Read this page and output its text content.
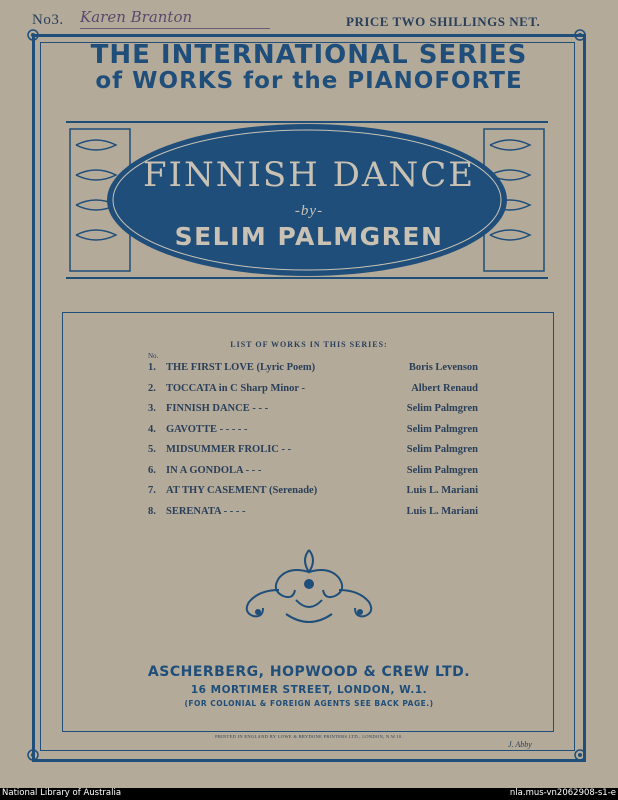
No3. Karen Branton	PRICE TWO SHILLINGS NET.
THE INTERNATIONAL SERIES
of WORKS for the PIANOFORTE
FINNISH DANCE
-by-
SELIM PALMGREN
LIST OF WORKS IN THIS SERIES:
No.
1. THE FIRST LOVE (Lyric Poem)	Boris Levenson
2. TOCCATA in C Sharp Minor -	Albert Renaud
3. FINNISH DANCE - - -	Selim Palmgren
4. GAVOTTE - - - - -	Selim Palmgren
5. MIDSUMMER FROLIC - -	Selim Palmgren
6. IN A GONDOLA - - -	Selim Palmgren
7. AT THY CASEMENT (Serenade)	Luis L. Mariani
8. SERENATA - - - -	Luis L. Mariani
ASCHERBERG, HOPWOOD & CREW LTD.
16 MORTIMER STREET, LONDON, W.1.
(FOR COLONIAL & FOREIGN AGENTS SEE BACK PAGE.)
PRINTED IN ENGLAND BY LOWE & BRYDONE PRINTERS LTD., LONDON, N.W.10.
J. Abby
National Library of Australia	nla.mus-vn2062908-s1-e
